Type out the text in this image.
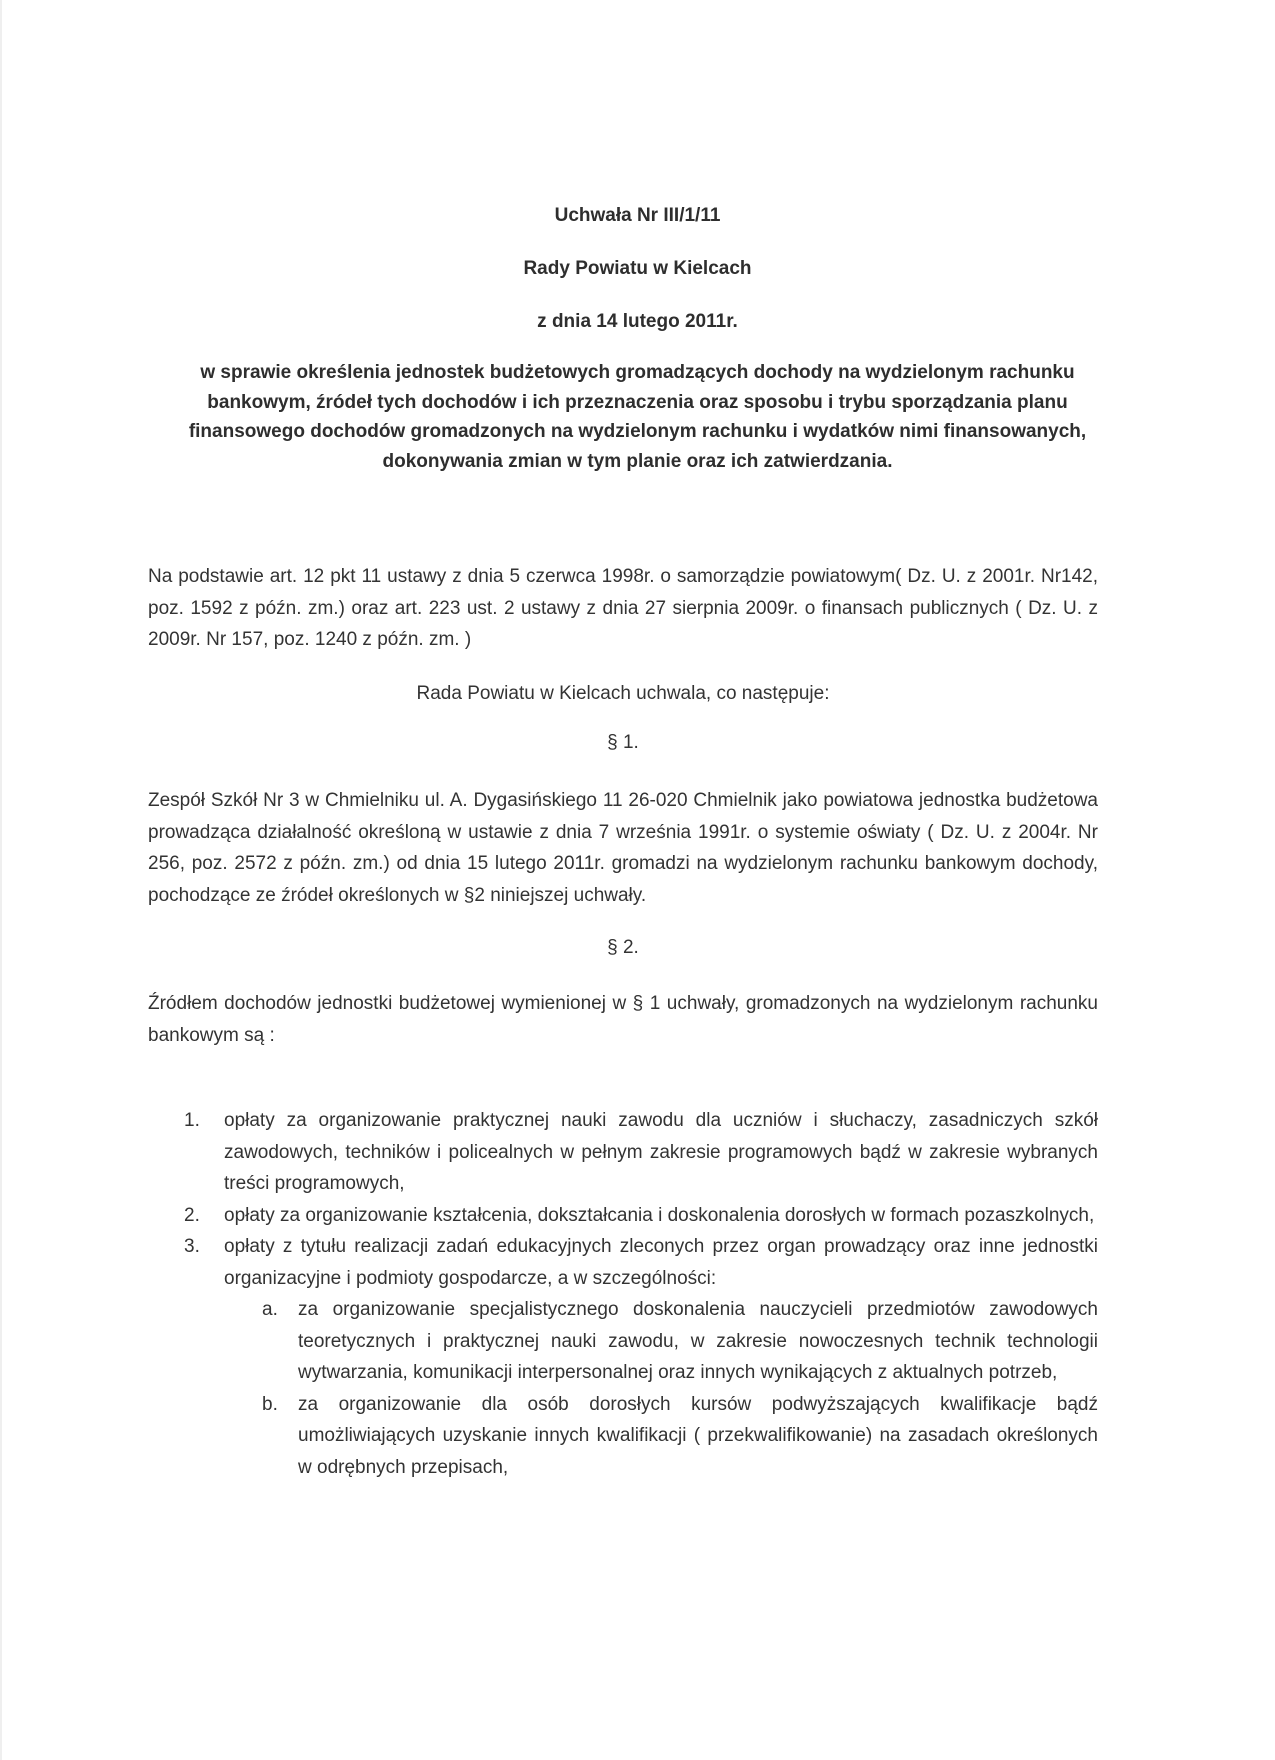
Uchwała Nr III/1/11
Rady Powiatu w Kielcach
z dnia 14 lutego 2011r.
w sprawie określenia jednostek budżetowych gromadzących dochody na wydzielonym rachunku bankowym, źródeł tych dochodów i ich przeznaczenia oraz sposobu i trybu sporządzania planu finansowego dochodów gromadzonych na wydzielonym rachunku i wydatków nimi finansowanych, dokonywania zmian w tym planie oraz ich zatwierdzania.
Na podstawie art. 12 pkt 11 ustawy z dnia 5 czerwca 1998r. o samorządzie powiatowym( Dz. U. z 2001r. Nr142, poz. 1592 z późn. zm.) oraz art. 223 ust. 2 ustawy z dnia 27 sierpnia 2009r. o finansach publicznych ( Dz. U. z 2009r. Nr 157, poz. 1240 z późn. zm. )
Rada Powiatu w Kielcach uchwala, co następuje:
§ 1.
Zespół Szkół Nr 3 w Chmielniku ul. A. Dygasińskiego 11 26-020 Chmielnik jako powiatowa jednostka budżetowa prowadząca działalność określoną w ustawie z dnia 7 września 1991r. o systemie oświaty ( Dz. U. z 2004r. Nr 256, poz. 2572 z późn. zm.) od dnia 15 lutego 2011r. gromadzi na wydzielonym rachunku bankowym dochody, pochodzące ze źródeł określonych w §2 niniejszej uchwały.
§ 2.
Źródłem dochodów jednostki budżetowej wymienionej w § 1 uchwały, gromadzonych na wydzielonym rachunku bankowym są :
1. opłaty za organizowanie praktycznej nauki zawodu dla uczniów i słuchaczy, zasadniczych szkół zawodowych, techników i policealnych w pełnym zakresie programowych bądź w zakresie wybranych treści programowych,
2. opłaty za organizowanie kształcenia, dokształcania i doskonalenia dorosłych w formach pozaszkolnych,
3. opłaty z tytułu realizacji zadań edukacyjnych zleconych przez organ prowadzący oraz inne jednostki organizacyjne i podmioty gospodarcze, a w szczególności:
a. za organizowanie specjalistycznego doskonalenia nauczycieli przedmiotów zawodowych teoretycznych i praktycznej nauki zawodu, w zakresie nowoczesnych technik technologii wytwarzania, komunikacji interpersonalnej oraz innych wynikających z aktualnych potrzeb,
b. za organizowanie dla osób dorosłych kursów podwyższających kwalifikacje bądź umożliwiających uzyskanie innych kwalifikacji ( przekwalifikowanie) na zasadach określonych w odrębnych przepisach,
